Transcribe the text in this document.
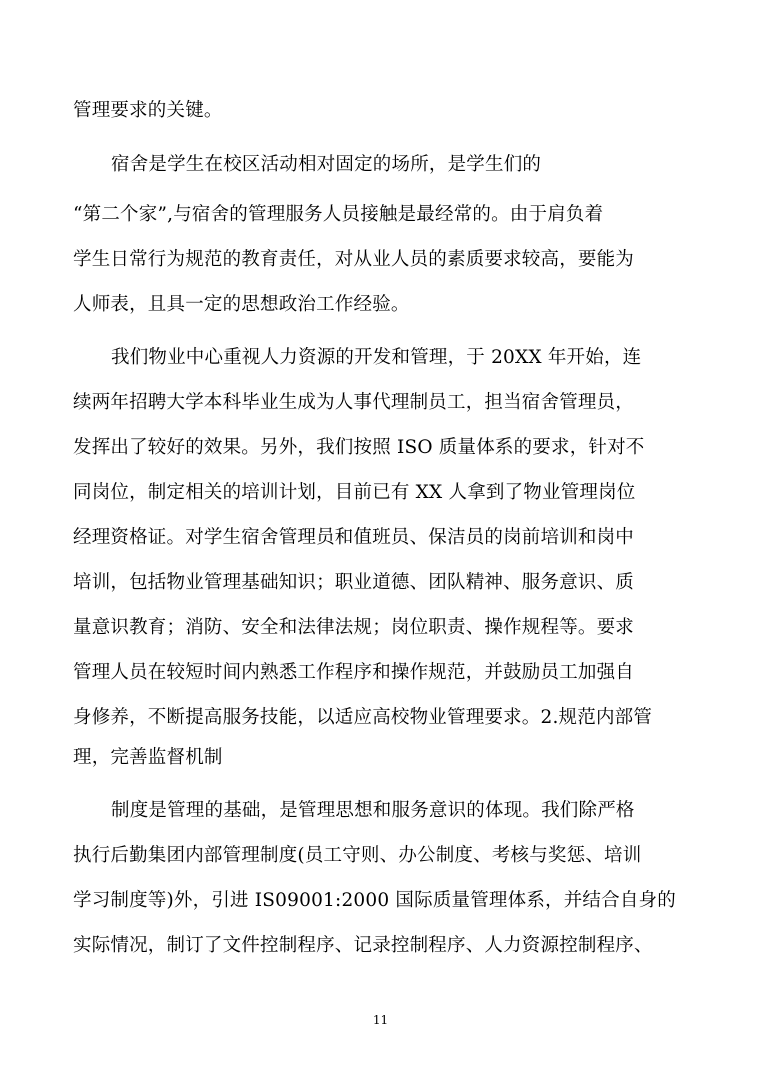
管理要求的关键。
宿舍是学生在校区活动相对固定的场所，是学生们的
“第二个家”,与宿舍的管理服务人员接触是最经常的。由于肩负着
学生日常行为规范的教育责任，对从业人员的素质要求较高，要能为
人师表，且具一定的思想政治工作经验。
我们物业中心重视人力资源的开发和管理，于 20XX 年开始，连
续两年招聘大学本科毕业生成为人事代理制员工，担当宿舍管理员，
发挥出了较好的效果。另外，我们按照 ISO 质量体系的要求，针对不
同岗位，制定相关的培训计划，目前已有 XX 人拿到了物业管理岗位
经理资格证。对学生宿舍管理员和值班员、保洁员的岗前培训和岗中
培训，包括物业管理基础知识；职业道德、团队精神、服务意识、质
量意识教育；消防、安全和法律法规；岗位职责、操作规程等。要求
管理人员在较短时间内熟悉工作程序和操作规范，并鼓励员工加强自
身修养，不断提高服务技能，以适应高校物业管理要求。2.规范内部管
理，完善监督机制
制度是管理的基础，是管理思想和服务意识的体现。我们除严格
执行后勤集团内部管理制度(员工守则、办公制度、考核与奖惩、培训
学习制度等)外，引进 IS09001:2000 国际质量管理体系，并结合自身的
实际情况，制订了文件控制程序、记录控制程序、人力资源控制程序、
11
